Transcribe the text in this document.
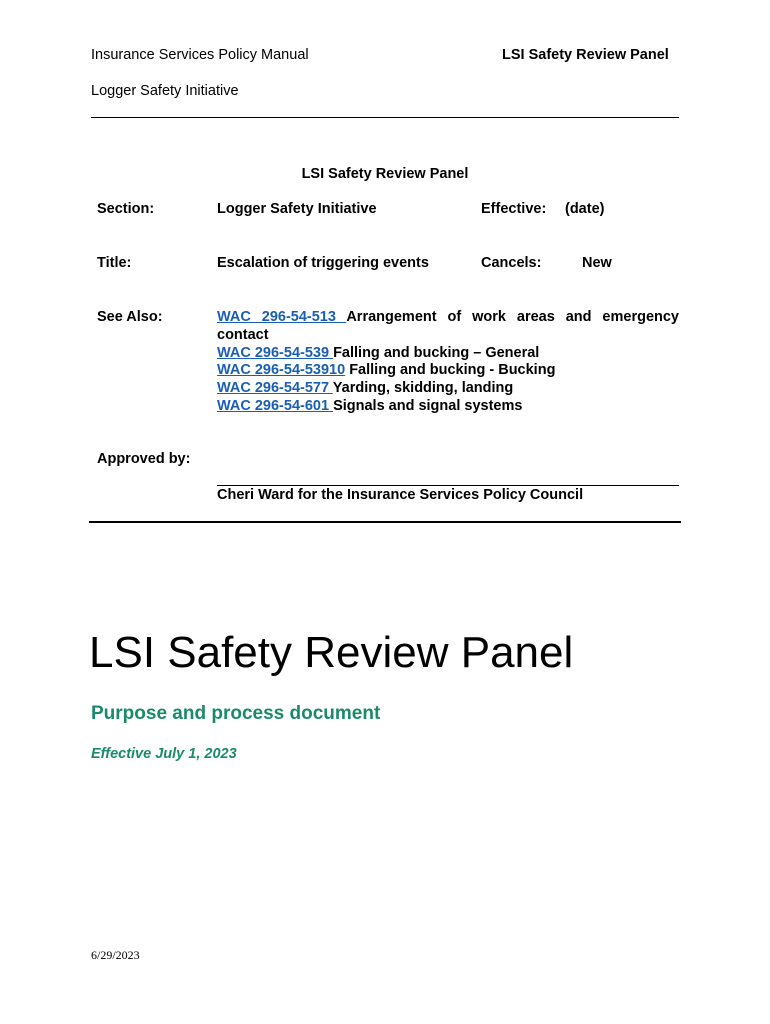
Insurance Services Policy Manual	LSI Safety Review Panel
Logger Safety Initiative
LSI Safety Review Panel
Section:	Logger Safety Initiative	Effective: (date)
Title:	Escalation of triggering events	Cancels:	New
See Also:	WAC 296-54-513 Arrangement of work areas and emergency
contact
WAC 296-54-539 Falling and bucking – General
WAC 296-54-53910 Falling and bucking - Bucking
WAC 296-54-577 Yarding, skidding, landing
WAC 296-54-601 Signals and signal systems
Approved by:
Cheri Ward for the Insurance Services Policy Council
LSI Safety Review Panel
Purpose and process document
Effective July 1, 2023
6/29/2023
